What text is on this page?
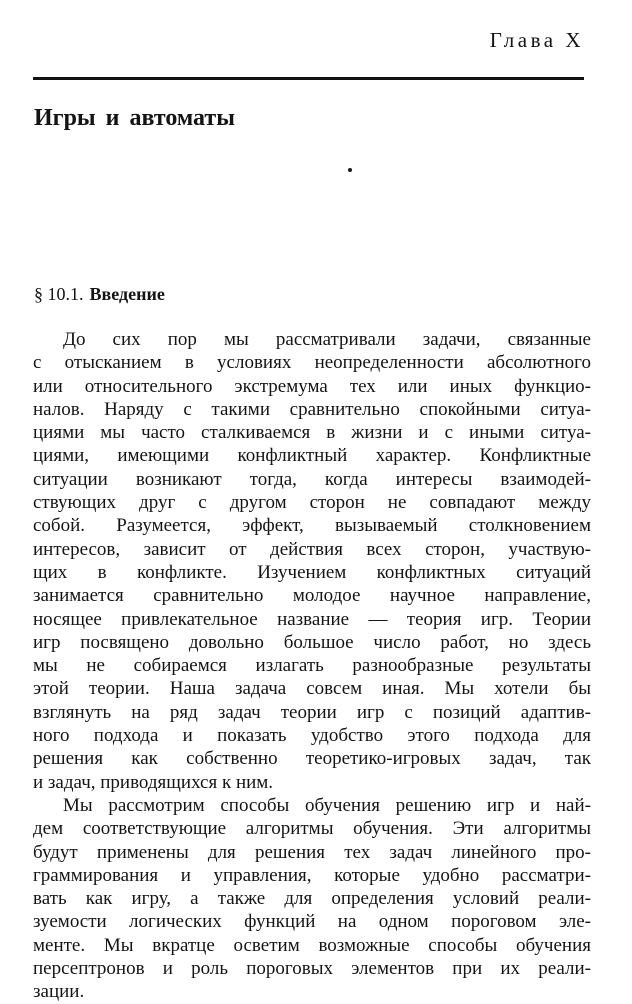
Глава X
Игры и автоматы
§ 10.1. Введение
До сих пор мы рассматривали задачи, связанные
с отысканием в условиях неопределенности абсолютного
или относительного экстремума тех или иных функцио-
налов. Наряду с такими сравнительно спокойными ситуа-
циями мы часто сталкиваемся в жизни и с иными ситуа-
циями, имеющими конфликтный характер. Конфликтные
ситуации возникают тогда, когда интересы взаимодей-
ствующих друг с другом сторон не совпадают между
собой. Разумеется, эффект, вызываемый столкновением
интересов, зависит от действия всех сторон, участвую-
щих в конфликте. Изучением конфликтных ситуаций
занимается сравнительно молодое научное направление,
носящее привлекательное название — теория игр. Теории
игр посвящено довольно большое число работ, но здесь
мы не собираемся излагать разнообразные результаты
этой теории. Наша задача совсем иная. Мы хотели бы
взглянуть на ряд задач теории игр с позиций адаптив-
ного подхода и показать удобство этого подхода для
решения как собственно теоретико-игровых задач, так
и задач, приводящихся к ним.
Мы рассмотрим способы обучения решению игр и най-
дем соответствующие алгоритмы обучения. Эти алгоритмы
будут применены для решения тех задач линейного про-
граммирования и управления, которые удобно рассматри-
вать как игру, а также для определения условий реали-
зуемости логических функций на одном пороговом эле-
менте. Мы вкратце осветим возможные способы обучения
персептронов и роль пороговых элементов при их реали-
зации.
